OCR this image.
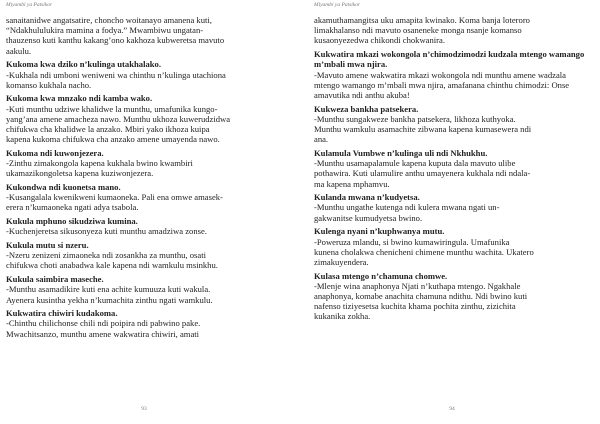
Miyambi ya Patsikor
sanaitanidwe angatsatire, choncho woitanayo amanena kuti,
“Ndakhululukira mamina a fodya.” Mwambiwu ungatan-
thauzenso kuti kanthu kakang’ono kakhoza kubweretsa mavuto
aakulu.
Kukoma kwa dziko n’kulinga utakhalako.
-Kukhala ndi umboni weniweni wa chinthu n’kulinga utachiona
komanso kukhala nacho.
Kukoma kwa mnzako ndi kamba wako.
-Kuti munthu udziwe khalidwe la munthu, umafunika kungo-
yang’ana amene amacheza nawo. Munthu ukhoza kuwerudzidwa
chifukwa cha khalidwe la anzako. Mbiri yako ikhoza kuipa
kapena kukoma chifukwa cha anzako amene umayenda nawo.
Kukoma ndi kuwonjezera.
-Zinthu zimakongola kapena kukhala bwino kwambiri
ukamazikongoletsa kapena kuziwonjezera.
Kukondwa ndi kuonetsa mano.
-Kusangalala kwenikweni kumaoneka. Pali ena omwe amasek-
erera n’kumaoneka ngati adya tsabola.
Kukula mphuno sikudziwa kumina.
-Kuchenjeretsa sikusonyeza kuti munthu amadziwa zonse.
Kukula mutu si nzeru.
-Nzeru zenizeni zimaoneka ndi zosankha za munthu, osati
chifukwa choti anabadwa kale kapena ndi wamkulu msinkhu.
Kukula saimbira maseche.
-Munthu asamadikire kuti ena achite kumuuza kuti wakula.
Ayenera kusintha yekha n’kumachita zinthu ngati wamkulu.
Kukwatira chiwiri kudakoma.
-Chinthu chilichonse chili ndi poipira ndi pabwino pake.
Mwachitsanzo, munthu amene wakwatira chiwiri, amati
93
Miyambi ya Patsikor
akamuthamangitsa uku amapita kwinako. Koma banja loteroro
limakhalanso ndi mavuto osaneneke monga nsanje komanso
kusaonyezedwa chikondi chokwanira.
Kukwatira mkazi wokongola n’chimodzimodzi kudzala mtengo wamango m’mbali mwa njira.
-Mavuto amene wakwatira mkazi wokongola ndi munthu amene wadzala mtengo wamango m’mbali mwa njira, amafanana chinthu chimodzi: Onse amavutika ndi anthu akuba!
Kukweza bankha patsekera.
-Munthu sungakweze bankha patsekera, likhoza kuthyoka.
Munthu wamkulu asamachite zibwana kapena kumasewera ndi
ana.
Kulamula Vumbwe n’kulinga uli ndi Nkhukhu.
-Munthu usamapalamule kapena kuputa dala mavuto ulibe
pothawira. Kuti ulamulire anthu umayenera kukhala ndi ndala-
ma kapena mphamvu.
Kulanda mwana n’kudyetsa.
-Munthu ungathe kutenga ndi kulera mwana ngati un-
gakwanitse kumudyetsa bwino.
Kulenga nyani n’kuphwanya mutu.
-Poweruza mlandu, si bwino kumawiringula. Umafunika
kunena cholakwa chenicheni chimene munthu wachita. Ukatero
zimakuyendera.
Kulasa mtengo n’chamuna chomwe.
-Mlenje wina anaphonya Njati n’kuthapa mtengo. Ngakhale
anaphonya, komabe anachita chamuna ndithu. Ndi bwino kuti
nafenso tiziyesetsa kuchita khama pochita zinthu, zizichita
kukanika zokha.
94
